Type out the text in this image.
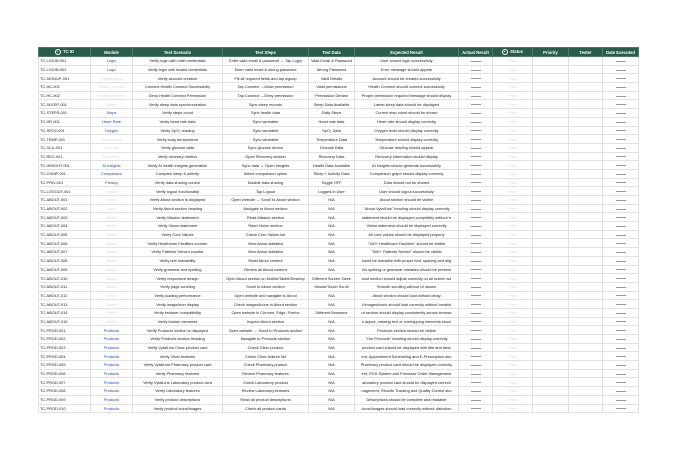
TC ID	Module	Test Scenario	Test Steps	Test Data	Expected Result	Actual Result	Status	Priority	Tester	Date Executed
TC-LOGIN-001	Login	Verify login with valid credentials	Enter valid email & password → Tap Login	Valid Email & Password	User should login successfully		Pass			
TC-LOGIN-002	Login	Verify login with invalid credentials	Enter valid email & wrong password	Wrong Password	Error message should appear		Pass			
TC-SIGNUP-001	Registration	Verify account creation	Fill all required fields and tap signup	Valid Details	Account should be created successfully		Pass			
TC-HC-001	Health Connect	Connect Health Connect Successfully	Tap Connect →Allow permission	Valid permissions	Health Connect should connect successfully		Pass			
TC-HC-002	Health Connect	Deny Health Connect Permission	Tap Connect →Deny permission	Permission Denied	Proper permission required message should display		Pass			
TC-SLEEP-001	Sleep	Verify sleep data synchronization	Sync sleep records	Sleep Data Available	Latest sleep data should be displayed		Pass			
TC-STEPS-001	Steps	Verify steps count	Sync health data	Daily Steps	Correct step count should be shown		Pass			
TC-HR-001	Heart Rate	Verify heart rate data	Sync wearable	Heart rate data	Heart rate should display correctly		Pass			
TC-SPO2-001	Oxygen	Verify SpO₂ reading	Sync wearable	SpO₂ Data	Oxygen level should display correctly		Pass			
TC-TEMP-001	Temperature	Verify body temperature	Sync wearable	Temperature Data	Temperature should display correctly		Pass			
TC-GLU-001	Glucose	Verify glucose data	Sync glucose device	Glucose Data	Glucose reading should appear		Pass			
TC-REC-001	Recovery	Verify recovery metrics	Open Recovery section	Recovery Data	Recovery information should display		Pass			
TC-INSIGHT-001	AI Insights	Verify AI health insights generation	Sync data → Open Insights	Health Data Available	AI insights should generate successfully		Pass			
TC-COMP-001	Comparison	Compare sleep & activity	Select comparison option	Sleep + Activity Data	Comparison graph should display correctly		Pass			
TC-PRIV-001	Privacy	Verify data sharing control	Disable data sharing	Toggle OFF	Data should not be shared		Pass			
TC-LOGOUT-001	Logout	Verify logout functionality	Tap Logout	Logged-in User	User should logout successfully		Pass			
TC-ABOUT-001	About	Verify About section is displayed	Open website → Scroll to About section	N/A	About section should be visible		Pass			
TC-ABOUT-002	About	Verify About section heading	Navigate to About section	N/A	"About VytalLink" heading should display correctly		Pass			
TC-ABOUT-003	About	Verify Mission statement	Read Mission section	N/A	statement should be displayed completely without tr		Pass			
TC-ABOUT-004	About	Verify Vision statement	Read Vision section	N/A	Vision statement should be displayed correctly		Pass			
TC-ABOUT-005	About	Verify Core Values	Check Core Values list	N/A	All core values should be displayed properly		Pass			
TC-ABOUT-006	About	Verify Healthcare Facilities counter	View About statistics	N/A	"150+ Healthcare Facilities" should be visible		Pass			
TC-ABOUT-007	About	Verify Patients Served counter	View About statistics	N/A	"50K+ Patients Served" should be visible		Pass			
TC-ABOUT-008	About	Verify text readability	Read About content	N/A	hould be readable with proper font, spacing and alig		Pass			
TC-ABOUT-009	About	Verify grammar and spelling	Review all About content	N/A	No spelling or grammar mistakes should be present		Pass			
TC-ABOUT-010	About	Verify responsive design	Open About section on Mobile/Tablet/Desktop	Different Screen Sizes	bout section should adjust correctly on all screen siz		Pass			
TC-ABOUT-011	About	Verify page scrolling	Scroll to About section	Mouse/Touch Scroll	Smooth scrolling without UI issues		Pass			
TC-ABOUT-012	About	Verify loading performance	Open website and navigate to About	N/A	About section should load without delay		Pass			
TC-ABOUT-013	About	Verify image/icon display	Check images/icons in About section	N/A	ll images/icons should load correctly without breakin		Pass			
TC-ABOUT-014	About	Verify browser compatibility	Open website in Chrome, Edge, Firefox	Different Browsers	ut section should display consistently across browse		Pass			
TC-ABOUT-015	About	Verify broken elements	Inspect About section	N/A	o layout, missing text or overlapping elements shoul		Pass			
TC-PROD-001	Products	Verify Products section is displayed	Open website → Scroll to Products section	N/A	Products section should be visible		Pass			
TC-PROD-002	Products	Verify Products section heading	Navigate to Products section	N/A	"Our Products" heading should display correctly		Pass			
TC-PROD-003	Products	Verify VytalLink Clinic product card	Check Clinic product	N/A	product card should be displayed with title and desc		Pass			
TC-PROD-004	Products	Verify Clinic features	Check Clinic feature list	N/A	ent, Appointment Scheduling and E-Prescription sho		Pass			
TC-PROD-005	Products	Verify VytalLink Pharmacy product card	Check Pharmacy product	N/A	Pharmacy product card should be displayed correctly		Pass			
TC-PROD-006	Products	Verify Pharmacy features	Review Pharmacy features	N/A	ent, POS System and Purchase Order Management		Pass			
TC-PROD-007	Products	Verify VytalLink Laboratory product card	Check Laboratory product	N/A	aboratory product card should be displayed correctl		Pass			
TC-PROD-008	Products	Verify Laboratory features	Review Laboratory features	N/A	nagement, Results Tracking and Quality Control sho		Pass			
TC-PROD-009	Products	Verify product descriptions	Read all product descriptions	N/A	Descriptions should be complete and readable		Pass			
TC-PROD-010	Products	Verify product icons/images	Check all product cards	N/A	icons/images should load correctly without distortion		Pass			
